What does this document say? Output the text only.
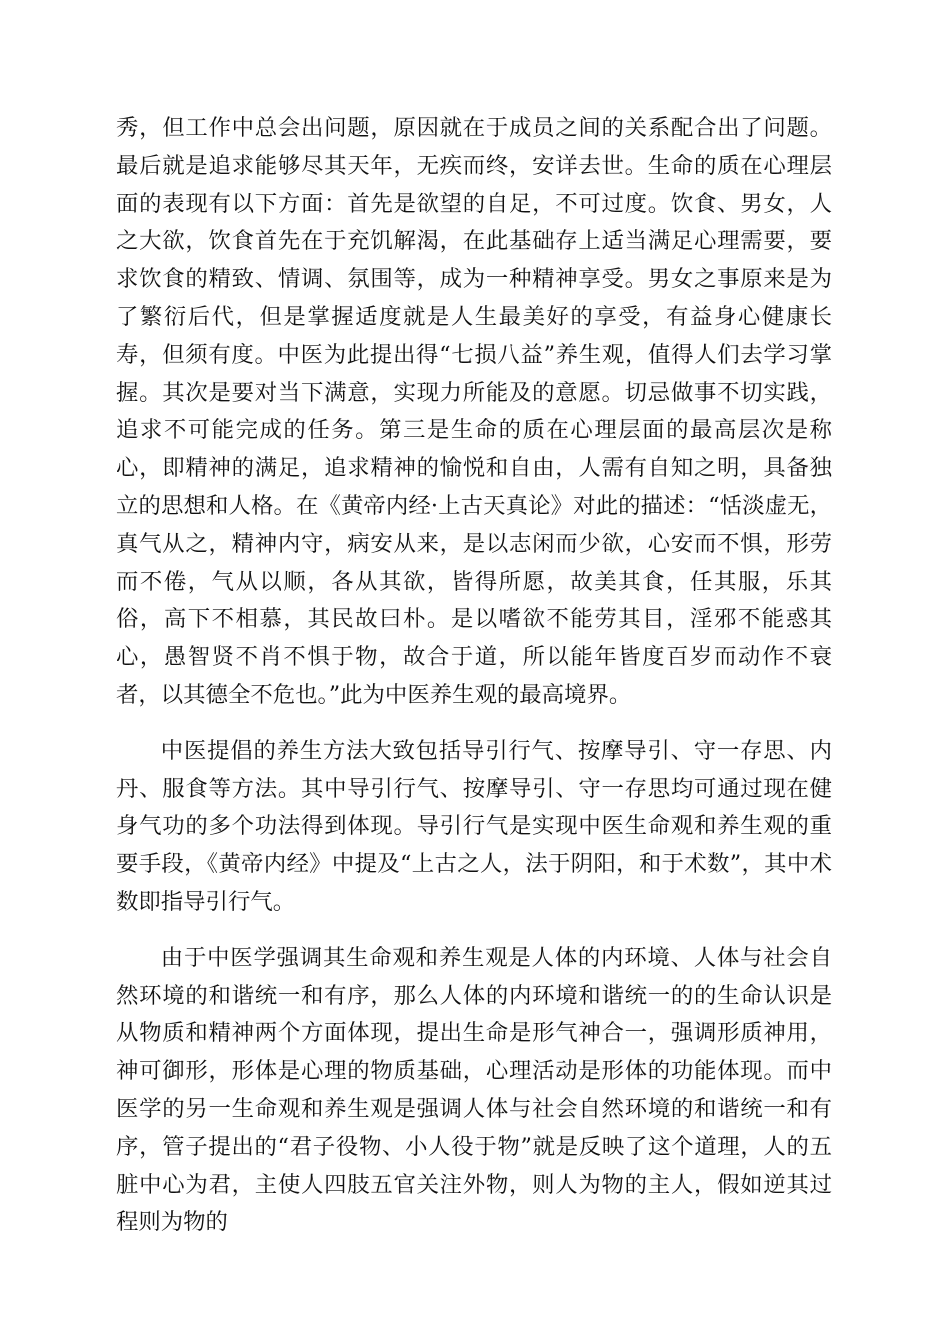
秀，但工作中总会出问题，原因就在于成员之间的关系配合出了问题。最后就是追求能够尽其天年，无疾而终，安详去世。生命的质在心理层面的表现有以下方面：首先是欲望的自足，不可过度。饮食、男女，人之大欲，饮食首先在于充饥解渴，在此基础存上适当满足心理需要，要求饮食的精致、情调、氛围等，成为一种精神享受。男女之事原来是为了繁衍后代，但是掌握适度就是人生最美好的享受，有益身心健康长寿，但须有度。中医为此提出得“七损八益”养生观，值得人们去学习掌握。其次是要对当下满意，实现力所能及的意愿。切忌做事不切实践，追求不可能完成的任务。第三是生命的质在心理层面的最高层次是称心，即精神的满足，追求精神的愉悦和自由，人需有自知之明，具备独立的思想和人格。在《黄帝内经·上古天真论》对此的描述：“恬淡虚无，真气从之，精神内守，病安从来，是以志闲而少欲，心安而不惧，形劳而不倦，气从以顺，各从其欲，皆得所愿，故美其食，任其服，乐其俗，高下不相慕，其民故曰朴。是以嗜欲不能劳其目，淫邪不能惑其心，愚智贤不肖不惧于物，故合于道，所以能年皆度百岁而动作不衰者，以其德全不危也。”此为中医养生观的最高境界。

中医提倡的养生方法大致包括导引行气、按摩导引、守一存思、内丹、服食等方法。其中导引行气、按摩导引、守一存思均可通过现在健身气功的多个功法得到体现。导引行气是实现中医生命观和养生观的重要手段，《黄帝内经》中提及“上古之人，法于阴阳，和于术数”，其中术数即指导引行气。

由于中医学强调其生命观和养生观是人体的内环境、人体与社会自然环境的和谐统一和有序，那么人体的内环境和谐统一的的生命认识是从物质和精神两个方面体现，提出生命是形气神合一，强调形质神用，神可御形，形体是心理的物质基础，心理活动是形体的功能体现。而中医学的另一生命观和养生观是强调人体与社会自然环境的和谐统一和有序，管子提出的“君子役物、小人役于物”就是反映了这个道理，人的五脏中心为君，主使人四肢五官关注外物，则人为物的主人，假如逆其过程则为物的
